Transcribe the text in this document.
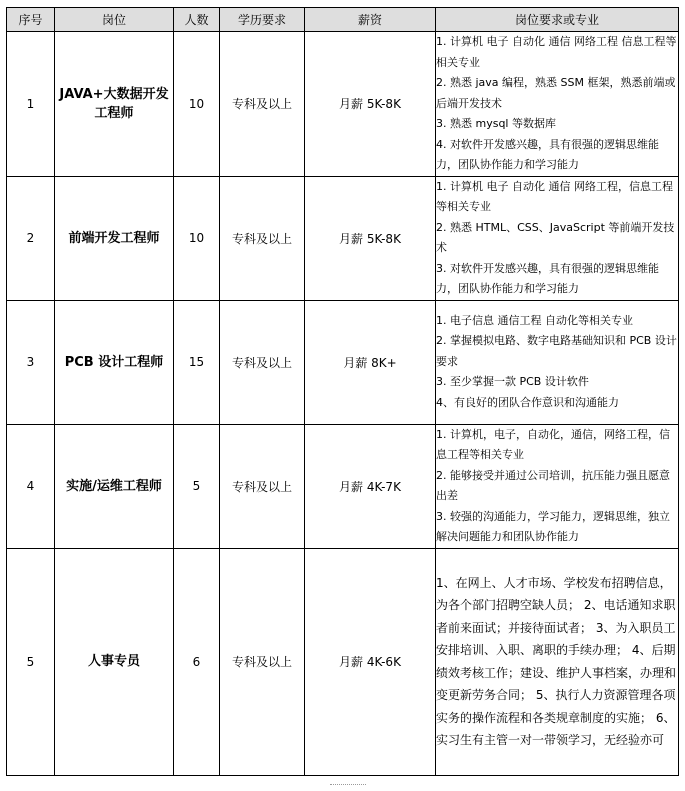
序号	岗位	人数	学历要求	薪资	岗位要求或专业
1	JAVA+大数据开发工程师	10	专科及以上	月薪 5K-8K	1. 计算机 电子 自动化 通信 网络工程 信息工程等相关专业
2. 熟悉 java 编程，熟悉 SSM 框架，熟悉前端或后端开发技术
3. 熟悉 mysql 等数据库
4. 对软件开发感兴趣，具有很强的逻辑思维能力，团队协作能力和学习能力

2	前端开发工程师	10	专科及以上	月薪 5K-8K	1. 计算机 电子 自动化 通信 网络工程，信息工程等相关专业
2. 熟悉 HTML、CSS、JavaScript 等前端开发技术
3. 对软件开发感兴趣，具有很强的逻辑思维能力，团队协作能力和学习能力

3	PCB 设计工程师	15	专科及以上	月薪 8K+	1. 电子信息 通信工程 自动化等相关专业
2. 掌握模拟电路、数字电路基础知识和 PCB 设计要求
3. 至少掌握一款 PCB 设计软件
4、有良好的团队合作意识和沟通能力

4	实施/运维工程师	5	专科及以上	月薪 4K-7K	1. 计算机，电子，自动化，通信，网络工程，信息工程等相关专业
2. 能够接受并通过公司培训，抗压能力强且愿意出差
3. 较强的沟通能力，学习能力，逻辑思维，独立解决问题能力和团队协作能力

5	人事专员	6	专科及以上	月薪 4K-6K	1、在网上、人才市场、学校发布招聘信息，为各个部门招聘空缺人员； 2、电话通知求职者前来面试；并接待面试者； 3、为入职员工安排培训、入职、离职的手续办理； 4、后期绩效考核工作；建设、维护人事档案，办理和变更新劳务合同； 5、执行人力资源管理各项实务的操作流程和各类规章制度的实施； 6、实习生有主管一对一带领学习，无经验亦可
